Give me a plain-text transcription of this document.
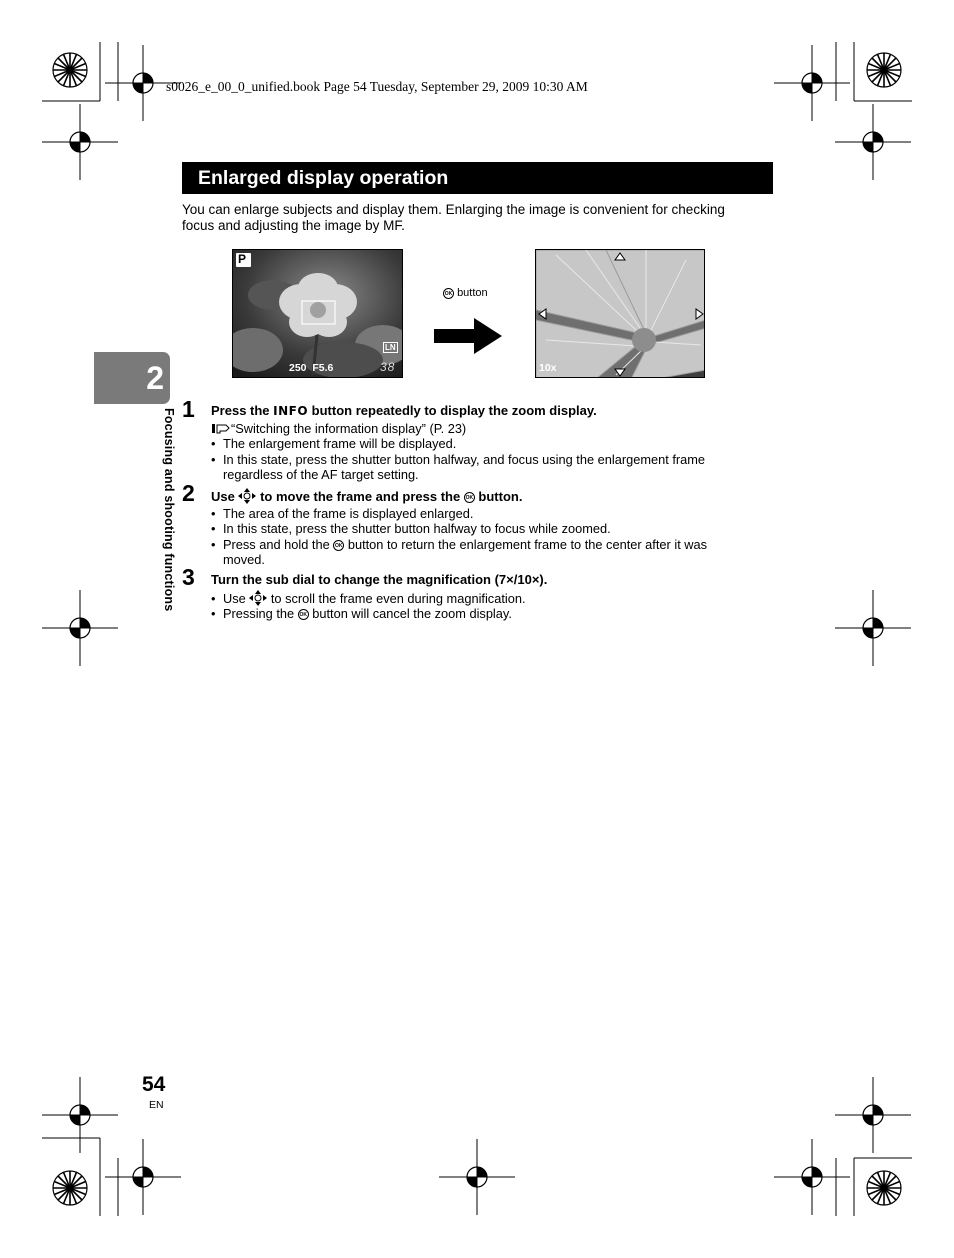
s0026_e_00_0_unified.book Page 54 Tuesday, September 29, 2009 10:30 AM
Enlarged display operation
You can enlarge subjects and display them. Enlarging the image is convenient for checking
focus and adjusting the image by MF.
P
LN
250  F5.6	38
OK button
10x
2
Focusing and shooting functions 1 Press the INFO button repeatedly to display the zoom display.
“Switching the information display” (P. 23)
• The enlargement frame will be displayed.
• In this state, press the shutter button halfway, and focus using the enlargement frame
regardless of the AF target setting.
2 Use  to move the frame and press the OK button.
• The area of the frame is displayed enlarged.
• In this state, press the shutter button halfway to focus while zoomed.
• Press and hold the OK button to return the enlargement frame to the center after it was
moved.
3 Turn the sub dial to change the magnification (7×/10×).
• Use  to scroll the frame even during magnification.
• Pressing the OK button will cancel the zoom display.
54
EN
